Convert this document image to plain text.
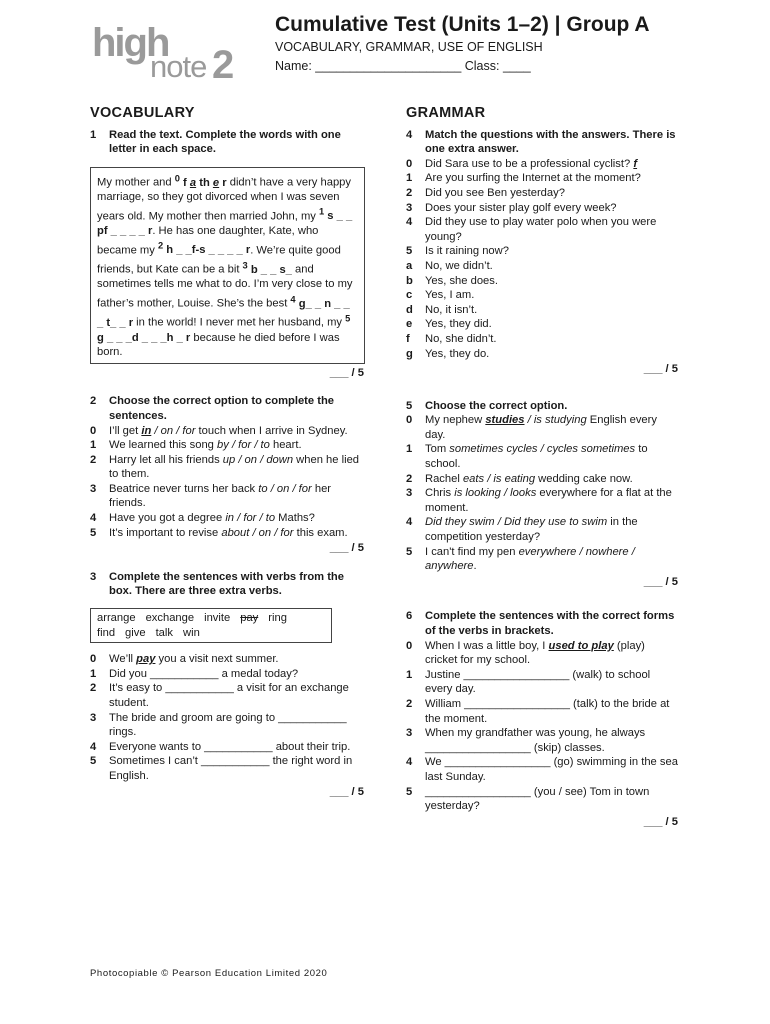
high
note 2
Cumulative Test (Units 1–2) | Group A
VOCABULARY, GRAMMAR, USE OF ENGLISH
Name: _____________________ Class: ____
VOCABULARY
1	Read the text. Complete the words with one letter in each space.
My mother and $^0$ f a th e r didn’t have a very happy marriage, so they got divorced when I was seven years old. My mother then married John, my $^1$ s _ _ pf _ _ _ _ r. He has one daughter, Kate, who became my $^2$ h _ _f-s _ _ _ _ r. We’re quite good friends, but Kate can be a bit $^3$ b _ _ s_ and sometimes tells me what to do. I’m very close to my father’s mother, Louise. She’s the best $^4$ g_ _ n _ _ _ t_ _ r in the world! I never met her husband, my $^5$ g _ _ _d _ _ _h _ r because he died before I was born.
___ / 5
2	Choose the correct option to complete the sentences.
0	I’ll get in / on / for touch when I arrive in Sydney.
1	We learned this song by / for / to heart.
2	Harry let all his friends up / on / down when he lied to them.
3	Beatrice never turns her back to / on / for her friends.
4	Have you got a degree in / for / to Maths?
5	It’s important to revise about / on / for this exam.
___ / 5
3	Complete the sentences with verbs from the box. There are three extra verbs.
arrange exchange invite pay ring
find give talk win
0	We’ll pay you a visit next summer.
1	Did you ___________ a medal today?
2	It’s easy to ___________ a visit for an exchange student.
3	The bride and groom are going to ___________ rings.
4	Everyone wants to ___________ about their trip.
5	Sometimes I can’t ___________ the right word in English.
___ / 5
GRAMMAR
4	Match the questions with the answers. There is one extra answer.
0	Did Sara use to be a professional cyclist? f
1	Are you surfing the Internet at the moment?
2	Did you see Ben yesterday?
3	Does your sister play golf every week?
4	Did they use to play water polo when you were young?
5	Is it raining now?
a	No, we didn’t.
b	Yes, she does.
c	Yes, I am.
d	No, it isn’t.
e	Yes, they did.
f	No, she didn’t.
g	Yes, they do.
___ / 5
5	Choose the correct option.
0	My nephew studies / is studying English every day.
1	Tom sometimes cycles / cycles sometimes to school.
2	Rachel eats / is eating wedding cake now.
3	Chris is looking / looks everywhere for a flat at the moment.
4	Did they swim / Did they use to swim in the competition yesterday?
5	I can't find my pen everywhere / nowhere / anywhere.
___ / 5
6	Complete the sentences with the correct forms of the verbs in brackets.
0	When I was a little boy, I used to play (play) cricket for my school.
1	Justine _________________ (walk) to school every day.
2	William _________________ (talk) to the bride at the moment.
3	When my grandfather was young, he always _________________ (skip) classes.
4	We _________________ (go) swimming in the sea last Sunday.
5	_________________ (you / see) Tom in town yesterday?
___ / 5
Photocopiable © Pearson Education Limited 2020
